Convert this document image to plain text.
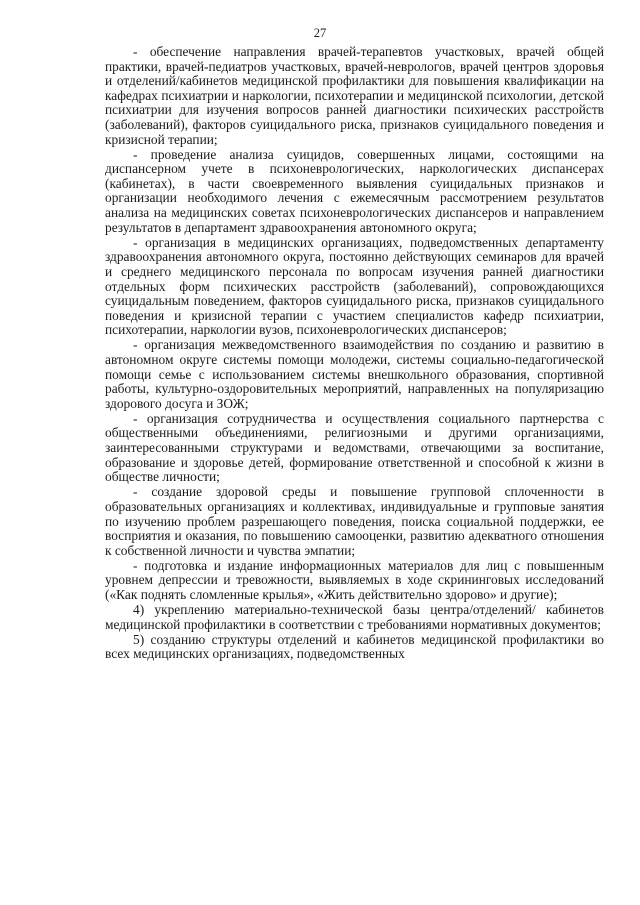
27

- обеспечение направления врачей-терапевтов участковых, врачей общей практики, врачей-педиатров участковых, врачей-неврологов, врачей центров здоровья и отделений/кабинетов медицинской профилактики для повышения квалификации на кафедрах психиатрии и наркологии, психотерапии и медицинской психологии, детской психиатрии для изучения вопросов ранней диагностики психических расстройств (заболеваний), факторов суицидального риска, признаков суицидального поведения и кризисной терапии;

- проведение анализа суицидов, совершенных лицами, состоящими на диспансерном учете в психоневрологических, наркологических диспансерах (кабинетах), в части своевременного выявления суицидальных признаков и организации необходимого лечения с ежемесячным рассмотрением результатов анализа на медицинских советах психоневрологических диспансеров и направлением результатов в департамент здравоохранения автономного округа;

- организация в медицинских организациях, подведомственных департаменту здравоохранения автономного округа, постоянно действующих семинаров для врачей и среднего медицинского персонала по вопросам изучения ранней диагностики отдельных форм психических расстройств (заболеваний), сопровождающихся суицидальным поведением, факторов суицидального риска, признаков суицидального поведения и кризисной терапии с участием специалистов кафедр психиатрии, психотерапии, наркологии вузов, психоневрологических диспансеров;

- организация межведомственного взаимодействия по созданию и развитию в автономном округе системы помощи молодежи, системы социально-педагогической помощи семье с использованием системы внешкольного образования, спортивной работы, культурно-оздоровительных мероприятий, направленных на популяризацию здорового досуга и ЗОЖ;

- организация сотрудничества и осуществления социального партнерства с общественными объединениями, религиозными и другими организациями, заинтересованными структурами и ведомствами, отвечающими за воспитание, образование и здоровье детей, формирование ответственной и способной к жизни в обществе личности;

- создание здоровой среды и повышение групповой сплоченности в образовательных организациях и коллективах, индивидуальные и групповые занятия по изучению проблем разрешающего поведения, поиска социальной поддержки, ее восприятия и оказания, по повышению самооценки, развитию адекватного отношения к собственной личности и чувства эмпатии;

- подготовка и издание информационных материалов для лиц с повышенным уровнем депрессии и тревожности, выявляемых в ходе скрининговых исследований («Как поднять сломленные крылья», «Жить действительно здорово» и другие);

4) укреплению материально-технической базы центра/отделений/ кабинетов медицинской профилактики в соответствии с требованиями нормативных документов;

5) созданию структуры отделений и кабинетов медицинской профилактики во всех медицинских организациях, подведомственных
